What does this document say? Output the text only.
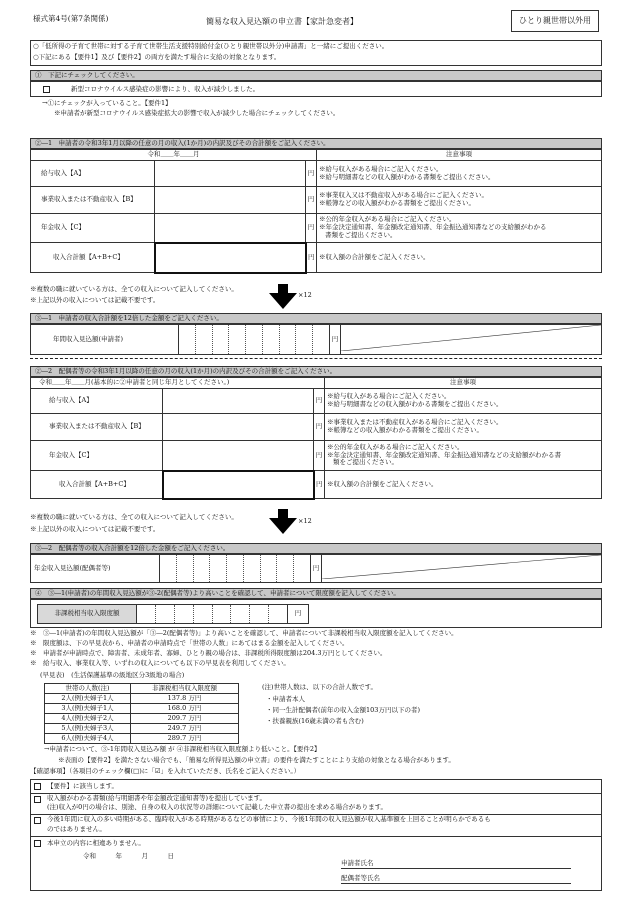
様式第4号(第7条関係)	簡易な収入見込額の申立書【家計急変者】	ひとり親世帯以外用
○「低所得の子育て世帯に対する子育て世帯生活支援特別給付金(ひとり親世帯以外分)申請書」と一緒にご提出ください。
○下記にある【要件1】及び【要件2】の両方を満たす場合に支給の対象となります。
①　下記にチェックしてください。
新型コロナウイルス感染症の影響により、収入が減少しました。
→①にチェックが入っていること。【要件1】
※申請者が新型コロナウイルス感染症拡大の影響で収入が減少した場合にチェックしてください。
②―1　申請者の令和3年1月以降の任意の月の収入(1か月)の内訳及びその合計額をご記入ください。
令和＿＿年＿＿月			注意事項
給与収入【A】		円	※給与収入がある場合にご記入ください。
※給与明細書などの収入額がわかる書類をご提出ください。

事業収入または不動産収入【B】		円	※事業収入又は不動産収入がある場合にご記入ください。
※帳簿などの収入額がわかる書類をご提出ください。

年金収入【C】		円	※公的年金収入がある場合にご記入ください。
※年金決定通知書、年金額改定通知書、年金振込通知書などの支給額がわかる
書類をご提出ください。

収入合計額【A+B+C】		円	※収入額の合計額をご記入ください。
※複数の職に就いている方は、全ての収入について記入してください。
※上記以外の収入については記載不要です。
×12
③―1　申請者の収入合計額を12倍した金額をご記入ください。
年間収入見込額(申請者)		円	
②―2　配偶者等の令和3年1月以降の任意の月の収入(1か月)の内訳及びその合計額をご記入ください。
令和＿＿年＿＿月(基本的に②申請者と同じ年月としてください。)			注意事項
給与収入【A】		円	※給与収入がある場合にご記入ください。
※給与明細書などの収入額がわかる書類をご提出ください。

事業収入または不動産収入【B】		円	※事業収入または不動産収入がある場合にご記入ください。
※帳簿などの収入額がわかる書類をご提出ください。

年金収入【C】		円	※公的年金収入がある場合にご記入ください。
※年金決定通知書、年金額改定通知書、年金振込通知書などの支給額がわかる書
類をご提出ください。

収入合計額【A+B+C】		円	※収入額の合計額をご記入ください。
※複数の職に就いている方は、全ての収入について記入してください。
※上記以外の収入については記載不要です。
×12
③―2　配偶者等の収入合計額を12倍した金額をご記入ください。
年金収入見込額(配偶者等)		円	
④　③―1(申請者)の年間収入見込額が③-2(配偶者等)より高いことを確認して、申請者について限度額を記入してください。
非課税相当収入限度額		円
※　③―1(申請者)の年間収入見込額が「③―2(配偶者等)」より高いことを確認して、申請者について非課税相当収入限度額を記入してください。
※　限度額は、下の早見表から、申請者の申請時点で「世帯の人数」にあてはまる金額を記入してください。
※　申請者が申請時点で、障害者、未成年者、寡婦、ひとり親の場合は、非課税所得限度額は204.3万円としてください。
※　給与収入、事業収入等、いずれの収入についても以下の早見表を利用してください。
(早見表)　(生活保護基準の級地区分3級地の場合)
世帯の人数(注)	非課税相当収入限度額
2人(例)夫婦子1人	137.8 万円
3人(例)夫婦子1人	168.0 万円
4人(例)夫婦子2人	209.7 万円
5人(例)夫婦子3人	249.7 万円
6人(例)夫婦子4人	289.7 万円
(注)世帯人数は、以下の合計人数です。
・申請者本人
・同一生計配偶者(前年の収入金額103万円以下の者)
・扶養親族(16歳未満の者も含む)
→申請者について、③-1年間収入見込み額 が ④非課税相当収入限度額より低いこと。【要件2】
※表面の【要件2】を満たさない場合でも、「簡易な所得見込額の申立書」の要件を満たすことにより支給の対象となる場合があります。
【確認事項】（各項目のチェック欄(□)に「☑」を入れていただき、氏名をご記入ください。）
【要件】に該当します。
収入額がわかる書類(給与明細書や年金額改定通知書等)を提出しています。
(注)収入が0円の場合は、別途、自身の収入の状況等の詳細について記載した申立書の提出を求める場合があります。
今後1年間に収入の多い時期がある、臨時収入がある時期があるなどの事情により、今後1年間の収入見込額が収入基準額を上回ることが明らかであるも
のではありません。
本申立の内容に相違ありません。
令和　　　年　　　月　　　日
申請者氏名
配偶者等氏名
